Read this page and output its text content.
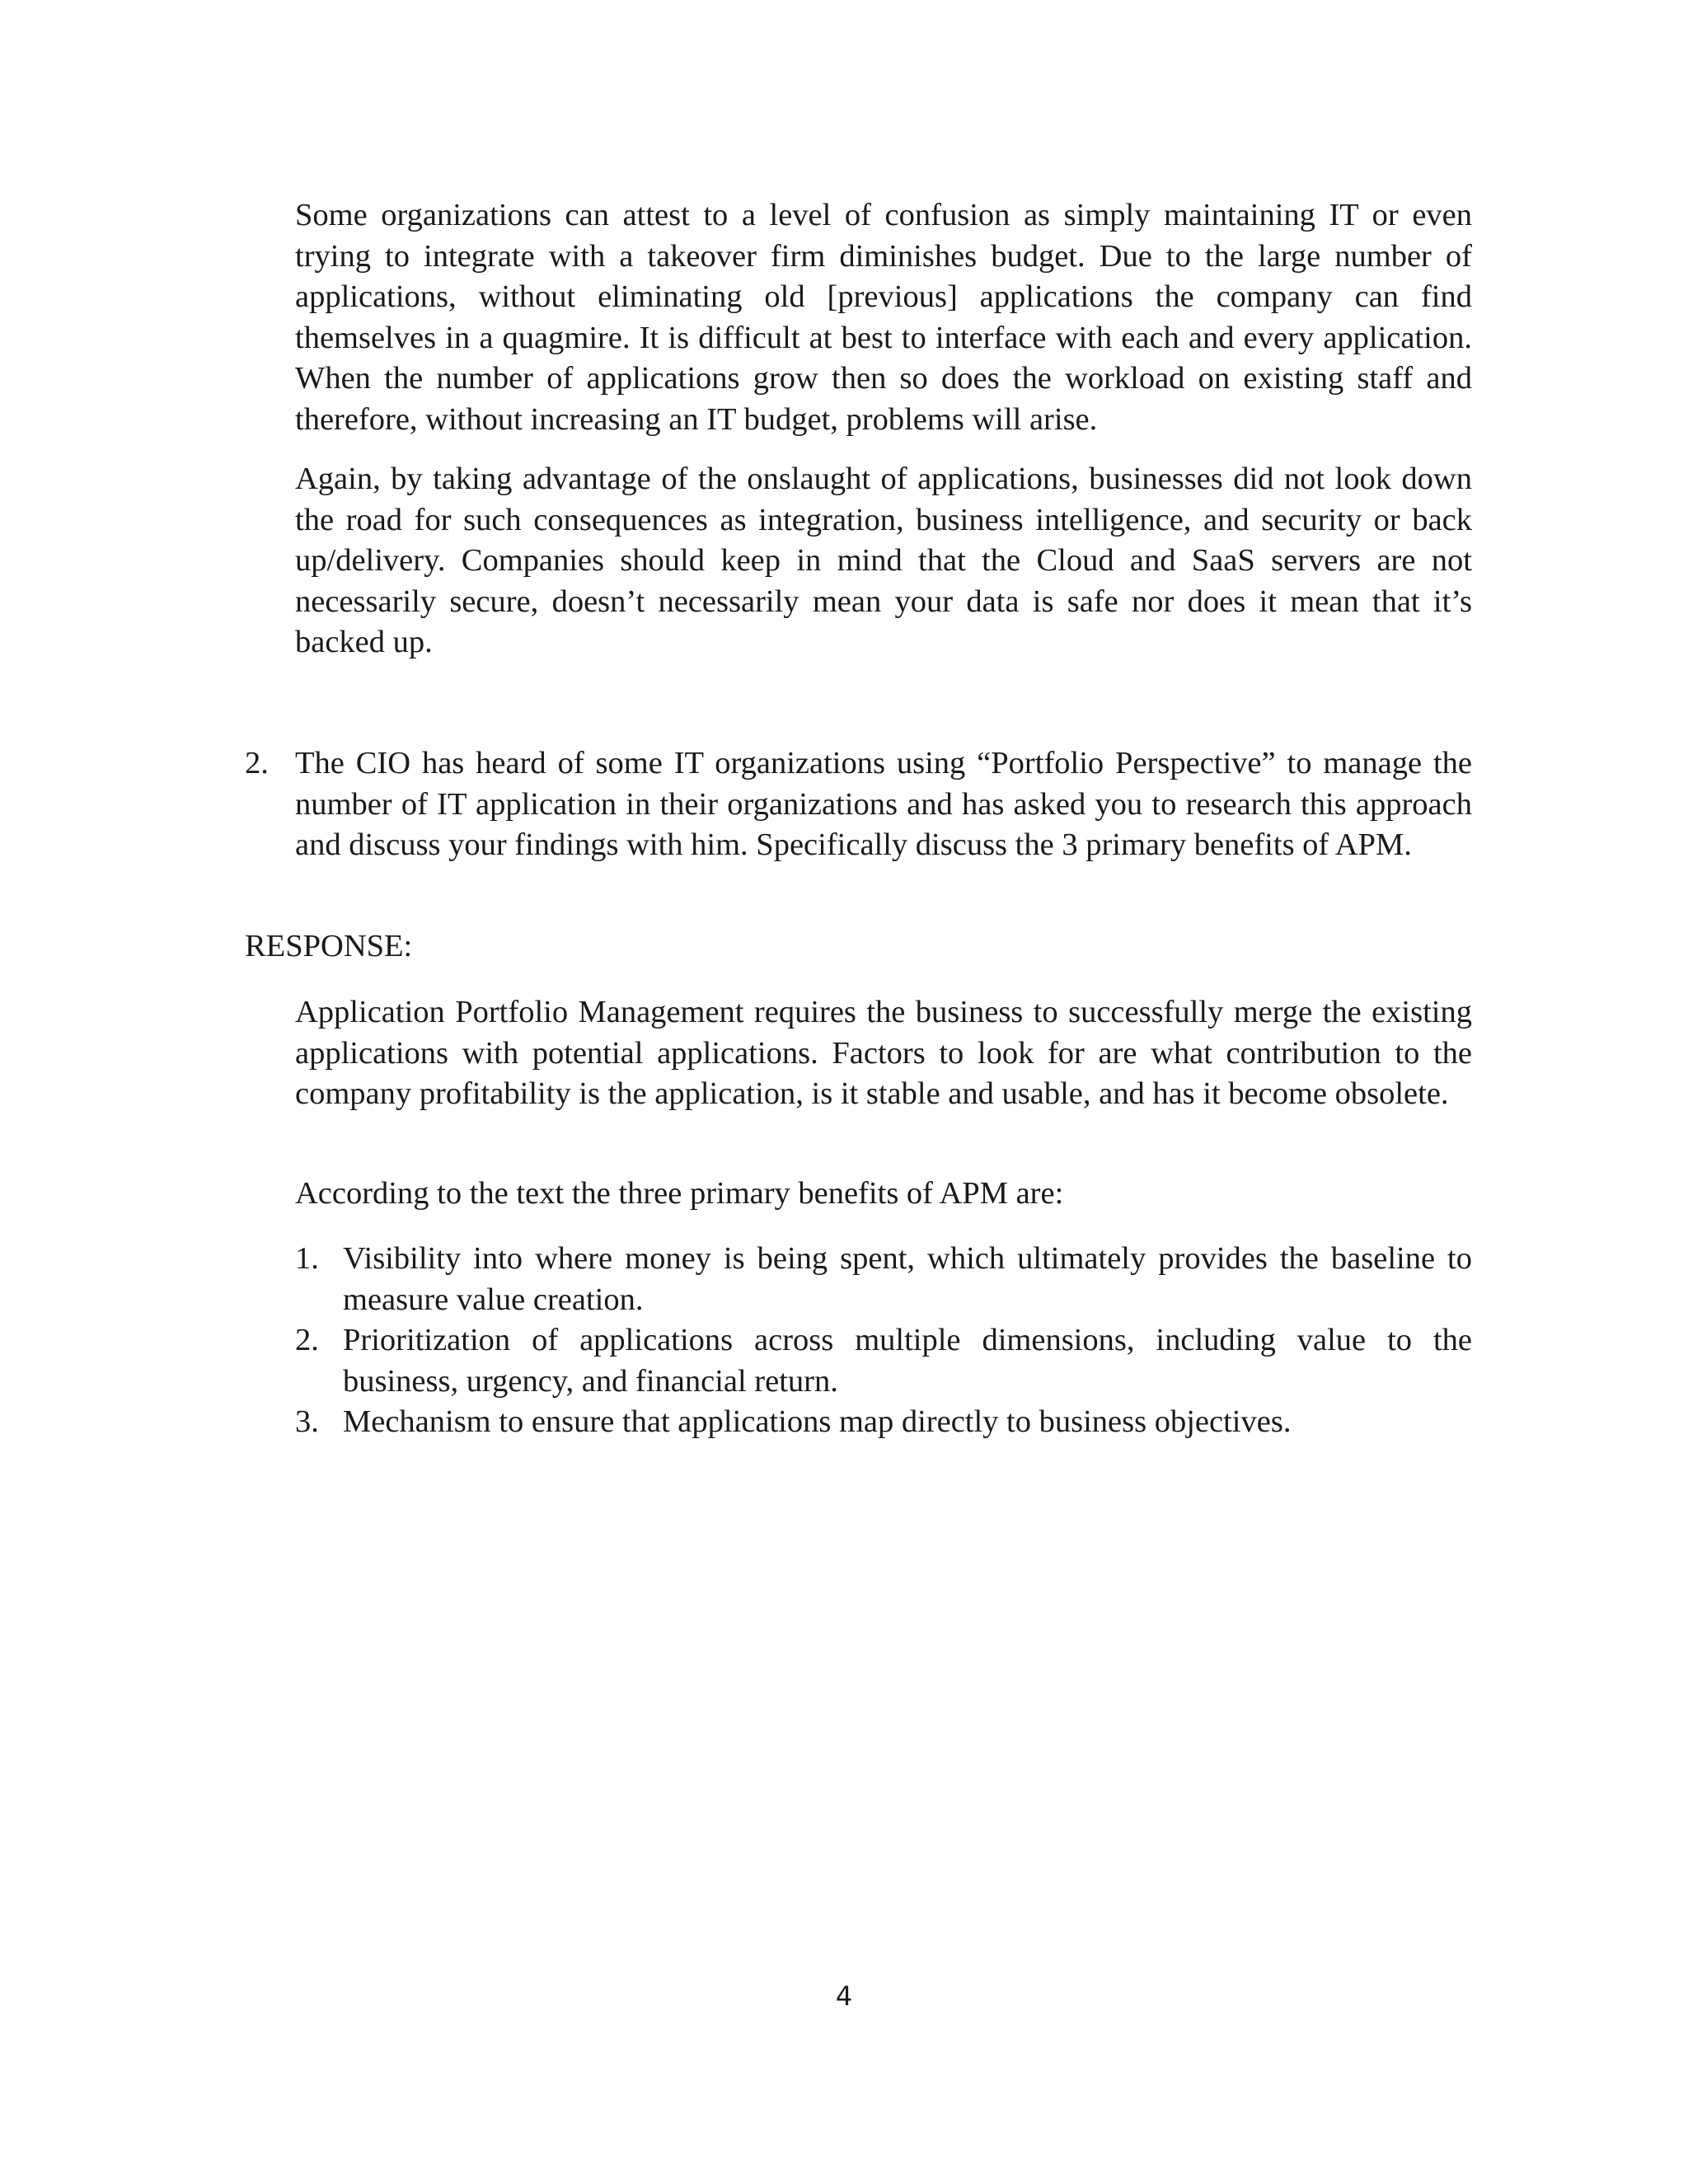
Some organizations can attest to a level of confusion as simply maintaining IT or even trying to integrate with a takeover firm diminishes budget. Due to the large number of applications, without eliminating old [previous] applications the company can find themselves in a quagmire. It is difficult at best to interface with each and every application. When the number of applications grow then so does the workload on existing staff and therefore, without increasing an IT budget, problems will arise.

Again, by taking advantage of the onslaught of applications, businesses did not look down the road for such consequences as integration, business intelligence, and security or back up/delivery. Companies should keep in mind that the Cloud and SaaS servers are not necessarily secure, doesn’t necessarily mean your data is safe nor does it mean that it’s backed up.

2. The CIO has heard of some IT organizations using “Portfolio Perspective” to manage the number of IT application in their organizations and has asked you to research this approach and discuss your findings with him. Specifically discuss the 3 primary benefits of APM.

RESPONSE:

Application Portfolio Management requires the business to successfully merge the existing applications with potential applications. Factors to look for are what contribution to the company profitability is the application, is it stable and usable, and has it become obsolete.

According to the text the three primary benefits of APM are:

1. Visibility into where money is being spent, which ultimately provides the baseline to measure value creation.

2. Prioritization of applications across multiple dimensions, including value to the business, urgency, and financial return.

3. Mechanism to ensure that applications map directly to business objectives.

4
